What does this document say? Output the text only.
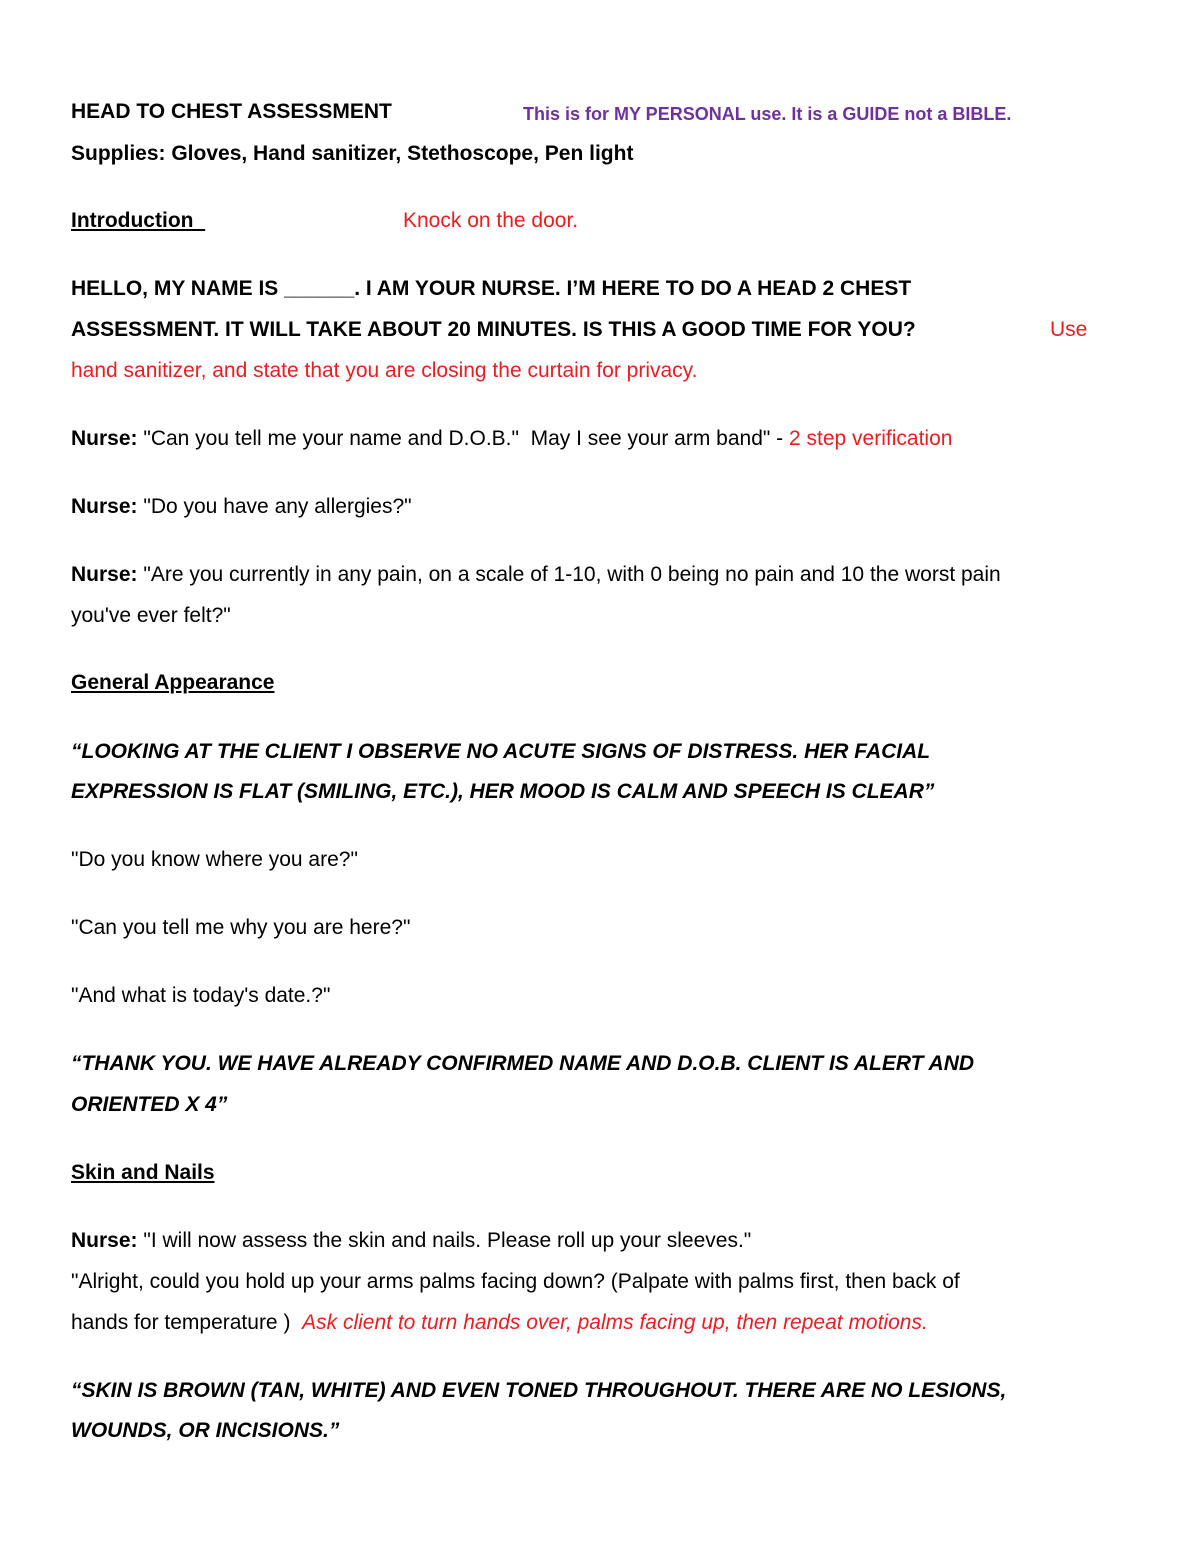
HEAD TO CHEST ASSESSMENT	This is for MY PERSONAL use. It is a GUIDE not a BIBLE.
Supplies: Gloves, Hand sanitizer, Stethoscope, Pen light
Introduction	Knock on the door.
HELLO, MY NAME IS ______. I AM YOUR NURSE. I’M HERE TO DO A HEAD 2 CHEST
ASSESSMENT. IT WILL TAKE ABOUT 20 MINUTES. IS THIS A GOOD TIME FOR YOU?	Use
hand sanitizer, and state that you are closing the curtain for privacy.
Nurse: "Can you tell me your name and D.O.B."  May I see your arm band" - 2 step verification
Nurse: "Do you have any allergies?"
Nurse: "Are you currently in any pain, on a scale of 1-10, with 0 being no pain and 10 the worst pain
you've ever felt?"
General Appearance
“LOOKING AT THE CLIENT I OBSERVE NO ACUTE SIGNS OF DISTRESS. HER FACIAL
EXPRESSION IS FLAT (SMILING, ETC.), HER MOOD IS CALM AND SPEECH IS CLEAR”
"Do you know where you are?"
"Can you tell me why you are here?"
"And what is today's date.?"
“THANK YOU. WE HAVE ALREADY CONFIRMED NAME AND D.O.B. CLIENT IS ALERT AND
ORIENTED X 4”
Skin and Nails
Nurse: "I will now assess the skin and nails. Please roll up your sleeves."
"Alright, could you hold up your arms palms facing down? (Palpate with palms first, then back of
hands for temperature )  Ask client to turn hands over, palms facing up, then repeat motions.
“SKIN IS BROWN (TAN, WHITE) AND EVEN TONED THROUGHOUT. THERE ARE NO LESIONS,
WOUNDS, OR INCISIONS.”
